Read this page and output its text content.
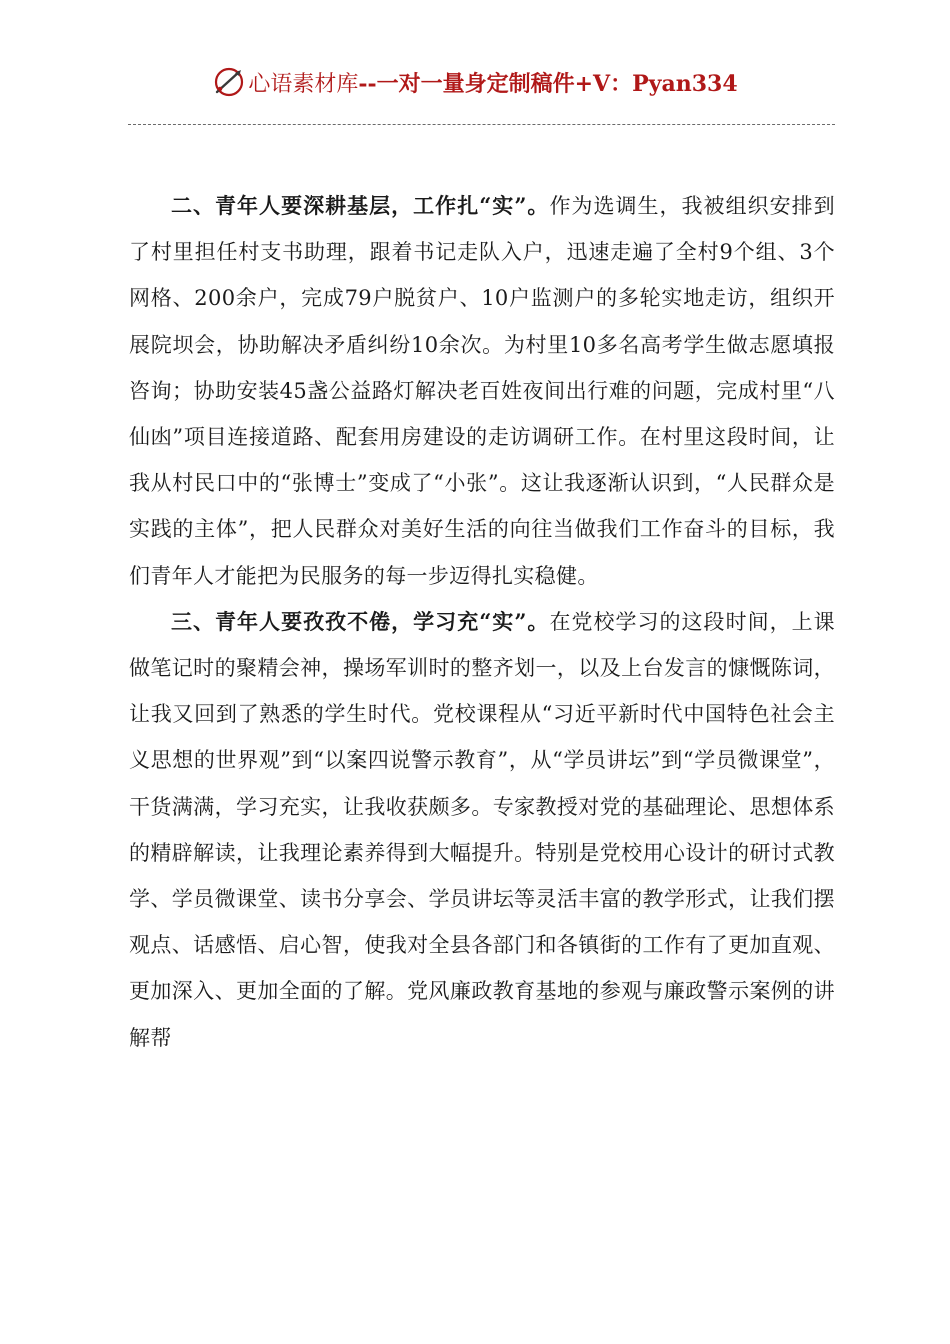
心语素材库--一对一量身定制稿件+V：Pyan334

二、青年人要深耕基层，工作扎“实”。作为选调生，我被组织安排到了村里担任村支书助理，跟着书记走队入户，迅速走遍了全村9个组、3个网格、200余户，完成79户脱贫户、10户监测户的多轮实地走访，组织开展院坝会，协助解决矛盾纠纷10余次。为村里10多名高考学生做志愿填报咨询；协助安装45盏公益路灯解决老百姓夜间出行难的问题，完成村里“八仙凼”项目连接道路、配套用房建设的走访调研工作。在村里这段时间，让我从村民口中的“张博士”变成了“小张”。这让我逐渐认识到，“人民群众是实践的主体”，把人民群众对美好生活的向往当做我们工作奋斗的目标，我们青年人才能把为民服务的每一步迈得扎实稳健。

三、青年人要孜孜不倦，学习充“实”。在党校学习的这段时间，上课做笔记时的聚精会神，操场军训时的整齐划一，以及上台发言的慷慨陈词，让我又回到了熟悉的学生时代。党校课程从“习近平新时代中国特色社会主义思想的世界观”到“以案四说警示教育”，从“学员讲坛”到“学员微课堂”，干货满满，学习充实，让我收获颇多。专家教授对党的基础理论、思想体系的精辟解读，让我理论素养得到大幅提升。特别是党校用心设计的研讨式教学、学员微课堂、读书分享会、学员讲坛等灵活丰富的教学形式，让我们摆观点、话感悟、启心智，使我对全县各部门和各镇街的工作有了更加直观、更加深入、更加全面的了解。党风廉政教育基地的参观与廉政警示案例的讲解帮
